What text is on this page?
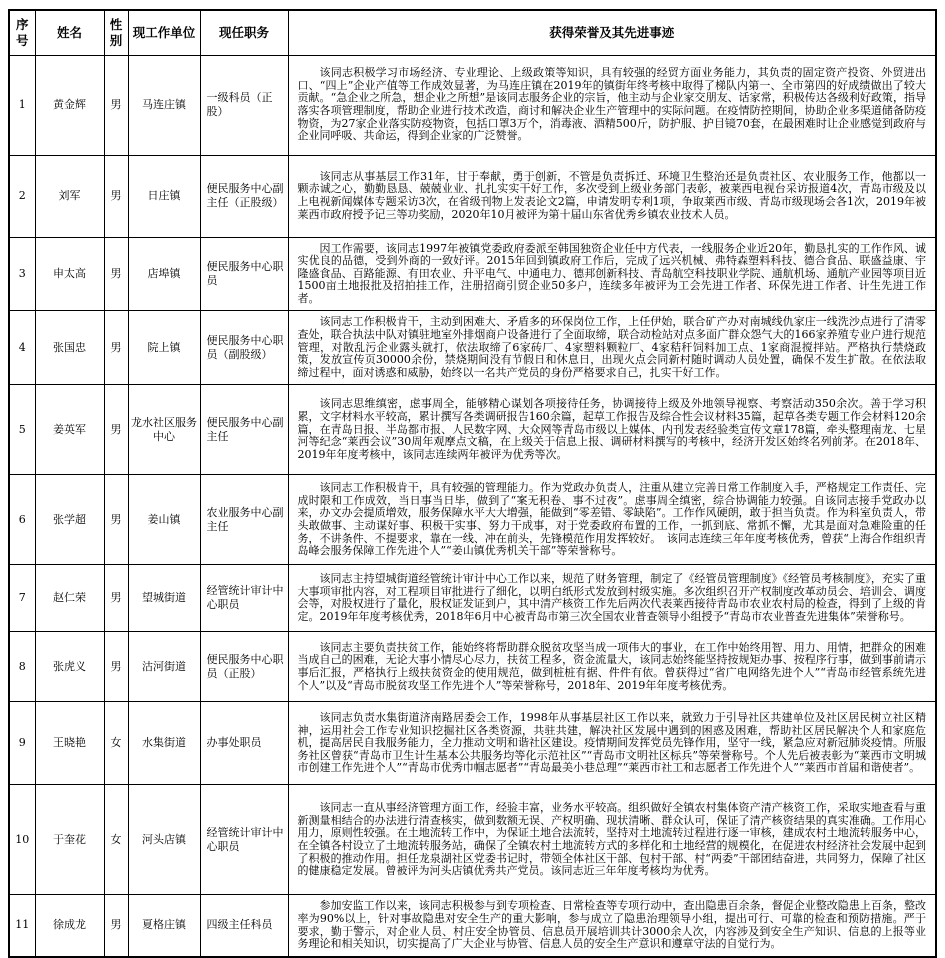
序号	姓名	性别	现工作单位	现任职务	获得荣誉及其先进事迹
1	黄金辉	男	马连庄镇	一级科员（正股）	该同志积极学习市场经济、专业理论、上级政策等知识，具有较强的经贸方面业务能力，其负责的固定资产投资、外贸进出口、“四上”企业产值等工作成效显著，为马连庄镇在2019年的镇街年终考核中取得了梯队内第一、全市第四的好成绩做出了较大贡献。“急企业之所急，想企业之所想”是该同志服务企业的宗旨，他主动与企业家交朋友、话家常，积极传达各级利好政策，指导落实各项管理制度，帮助企业进行技术改造，商讨和解决企业生产管理中的实际问题。在疫情防控期间，协助企业多渠道储备防疫物资，为27家企业落实防疫物资，包括口罩3万个，消毒液、酒精500斤，防护服、护目镜70套，在最困难时让企业感觉到政府与企业同呼吸、共命运，得到企业家的广泛赞誉。

2	刘军	男	日庄镇	便民服务中心副主任（正股级）	该同志从事基层工作31年，甘于奉献，勇于创新，不管是负责拆迁、环境卫生整治还是负责社区、农业服务工作，他都以一颗赤诚之心，勤勤恳恳、兢兢业业、扎扎实实干好工作，多次受到上级业务部门表彰，被莱西电视台采访报道4次，青岛市级及以上电视新闻媒体专题采访3次，在省级刊物上发表论文2篇，申请发明专利1项，争取莱西市级、青岛市级现场会各1次，2019年被莱西市政府授予记三等功奖励，2020年10月被评为第十届山东省优秀乡镇农业技术人员。

3	申太高	男	店埠镇	便民服务中心职员	因工作需要，该同志1997年被镇党委政府委派至韩国独资企业任中方代表，一线服务企业近20年，勤恳扎实的工作作风、诚实优良的品德，受到外商的一致好评。2015年回到镇政府工作后，完成了远兴机械、弗特森塑料科技、德合食品、联盛益康、宇隆盛食品、百路能源、有田农业、升平电气、中通电力、德邦创新科技、青岛航空科技职业学院、通航机场、通航产业园等项目近1500亩土地报批及招拍挂工作，注册招商引贸企业50多户，连续多年被评为工会先进工作者、环保先进工作者、计生先进工作者。

4	张国忠	男	院上镇	便民服务中心职员（副股级）	该同志工作积极肯干，主动到困难大、矛盾多的环保岗位工作，上任伊始，联合矿产办对南城线仇家庄一线洗沙点进行了清零查处，联合执法中队对镇驻地室外排烟商户设备进行了全面取缔，联合动检站对点多面广群众怨气大的166家养殖专业户进行规范管理，对散乱污企业露头就打，依法取缔了6家砖厂、4家塑料颗粒厂、4家秸秆饲料加工点、1家商混搅拌站。严格执行禁烧政策，发放宣传页30000余份，禁烧期间没有节假日和休息日，出现火点会同新村随时调动人员处置，确保不发生扩散。在依法取缔过程中，面对诱惑和威胁，始终以一名共产党员的身份严格要求自己，扎实干好工作。

5	姜英军	男	龙水社区服务中心	便民服务中心副主任	该同志思维缜密，虑事周全，能够精心谋划各项接待任务，协调接待上级及外地领导视察、考察活动350余次。善于学习积累，文字材料水平较高，累计撰写各类调研报告160余篇，起草工作报告及综合性会议材料35篇，起草各类专题工作会材料120余篇，在青岛日报、半岛都市报、人民数字网、大众网等青岛市级以上媒体、内刊发表经验类宣传文章178篇，牵头整理南龙、七星河等纪念“莱西会议”30周年观摩点文稿，在上级关于信息上报、调研材料撰写的考核中，经济开发区始终名列前茅。在2018年、2019年年度考核中，该同志连续两年被评为优秀等次。

6	张学超	男	姜山镇	农业服务中心副主任	该同志工作积极肯干，具有较强的管理能力。作为党政办负责人，注重从建立完善日常工作制度入手，严格规定工作责任、完成时限和工作成效，当日事当日毕，做到了“案无积卷、事不过夜”。虑事周全缜密，综合协调能力较强。自该同志接手党政办以来，办文办会提质增效，服务保障水平大大增强，能做到“零差错、零缺陷”。工作作风硬朗，敢于担当负责。作为科室负责人，带头敢做事、主动谋好事、积极干实事、努力干成事，对于党委政府布置的工作，一抓到底、常抓不懈，尤其是面对急难险重的任务，不讲条件、不提要求，靠在一线、冲在前头，先锋模范作用发挥较好。　该同志连续三年年度考核优秀，曾获“上海合作组织青岛峰会服务保障工作先进个人”“姜山镇优秀机关干部”等荣誉称号。

7	赵仁荣	男	望城街道	经管统计审计中心职员	该同志主持望城街道经管统计审计中心工作以来，规范了财务管理，制定了《经管员管理制度》《经管员考核制度》，充实了重大事项审批内容，对工程项目审批进行了细化，以明白纸形式发放到村级实施。多次组织召开产权制度改革动员会、培训会、调度会等，对股权进行了量化，股权证发证到户，其中清产核资工作先后两次代表莱西接待青岛市农业农村局的检查，得到了上级的肯定。2019年年度考核优秀，2018年6月中心被青岛市第三次全国农业普查领导小组授予“青岛市农业普查先进集体”荣誉称号。

8	张虎义	男	沽河街道	便民服务中心职员（正股）	该同志主要负责扶贫工作，能始终将帮助群众脱贫攻坚当成一项伟大的事业，在工作中始终用智、用力、用情，把群众的困难当成自己的困难，无论大事小情尽心尽力，扶贫工程多，资金流量大，该同志始终能坚持按规矩办事、按程序行事，做到事前请示事后汇报，严格执行上级扶贫资金的使用规范，做到桩桩有据、件件有依。曾获得过“省广电网络先进个人”“青岛市经管系统先进个人”以及“青岛市脱贫攻坚工作先进个人”等荣誉称号，2018年、2019年年度考核优秀。

9	王晓艳	女	水集街道	办事处职员	该同志负责水集街道济南路居委会工作，1998年从事基层社区工作以来，就致力于引导社区共建单位及社区居民树立社区精神，运用社会工作专业知识挖掘社区各类资源，共驻共建，解决社区发展中遇到的困惑及困难，帮助社区居民解决个人和家庭危机，提高居民自我服务能力，全力推动文明和谐社区建设。疫情期间发挥党员先锋作用，坚守一线，紧急应对新冠肺炎疫情。所服务社区曾获“青岛市卫生计生基本公共服务均等化示范社区”“青岛市文明社区标兵”等荣誉称号。个人先后被表彰为“莱西市文明城市创建工作先进个人”“青岛市优秀巾帼志愿者”“青岛最美小巷总理”“莱西市社工和志愿者工作先进个人”“莱西市首届和谐使者”。

10	于奎花	女	河头店镇	经管统计审计中心职员	该同志一直从事经济管理方面工作，经验丰富，业务水平较高。组织做好全镇农村集体资产清产核资工作，采取实地查看与重新测量相结合的办法进行清查核实，做到数额无误、产权明确、现状清晰、群众认可，保证了清产核资结果的真实准确。工作用心用力，原则性较强。在土地流转工作中，为保证土地合法流转，坚持对土地流转过程进行逐一审核，建成农村土地流转服务中心，在全镇各村设立了土地流转服务站，确保了全镇农村土地流转方式的多样化和土地经营的规模化，在促进农村经济社会发展中起到了积极的推动作用。担任龙泉湖社区党委书记时，带领全体社区干部、包村干部、村“两委”干部团结奋进，共同努力，保障了社区的健康稳定发展。曾被评为河头店镇优秀共产党员。该同志近三年年度考核均为优秀。

11	徐成龙	男	夏格庄镇	四级主任科员	参加安监工作以来，该同志积极参与到专项检查、日常检查等专项行动中，查出隐患百余条，督促企业整改隐患上百条，整改率为90%以上，针对事故隐患对安全生产的重大影响，参与成立了隐患治理领导小组，提出可行、可靠的检查和预防措施。严于要求，勤于警示，对企业人员、村庄安全协管员、信息员开展培训共计3000余人次，内容涉及到安全生产知识、信息的上报等业务理论和相关知识，切实提高了广大企业与协管、信息人员的安全生产意识和遵章守法的自觉行为。
